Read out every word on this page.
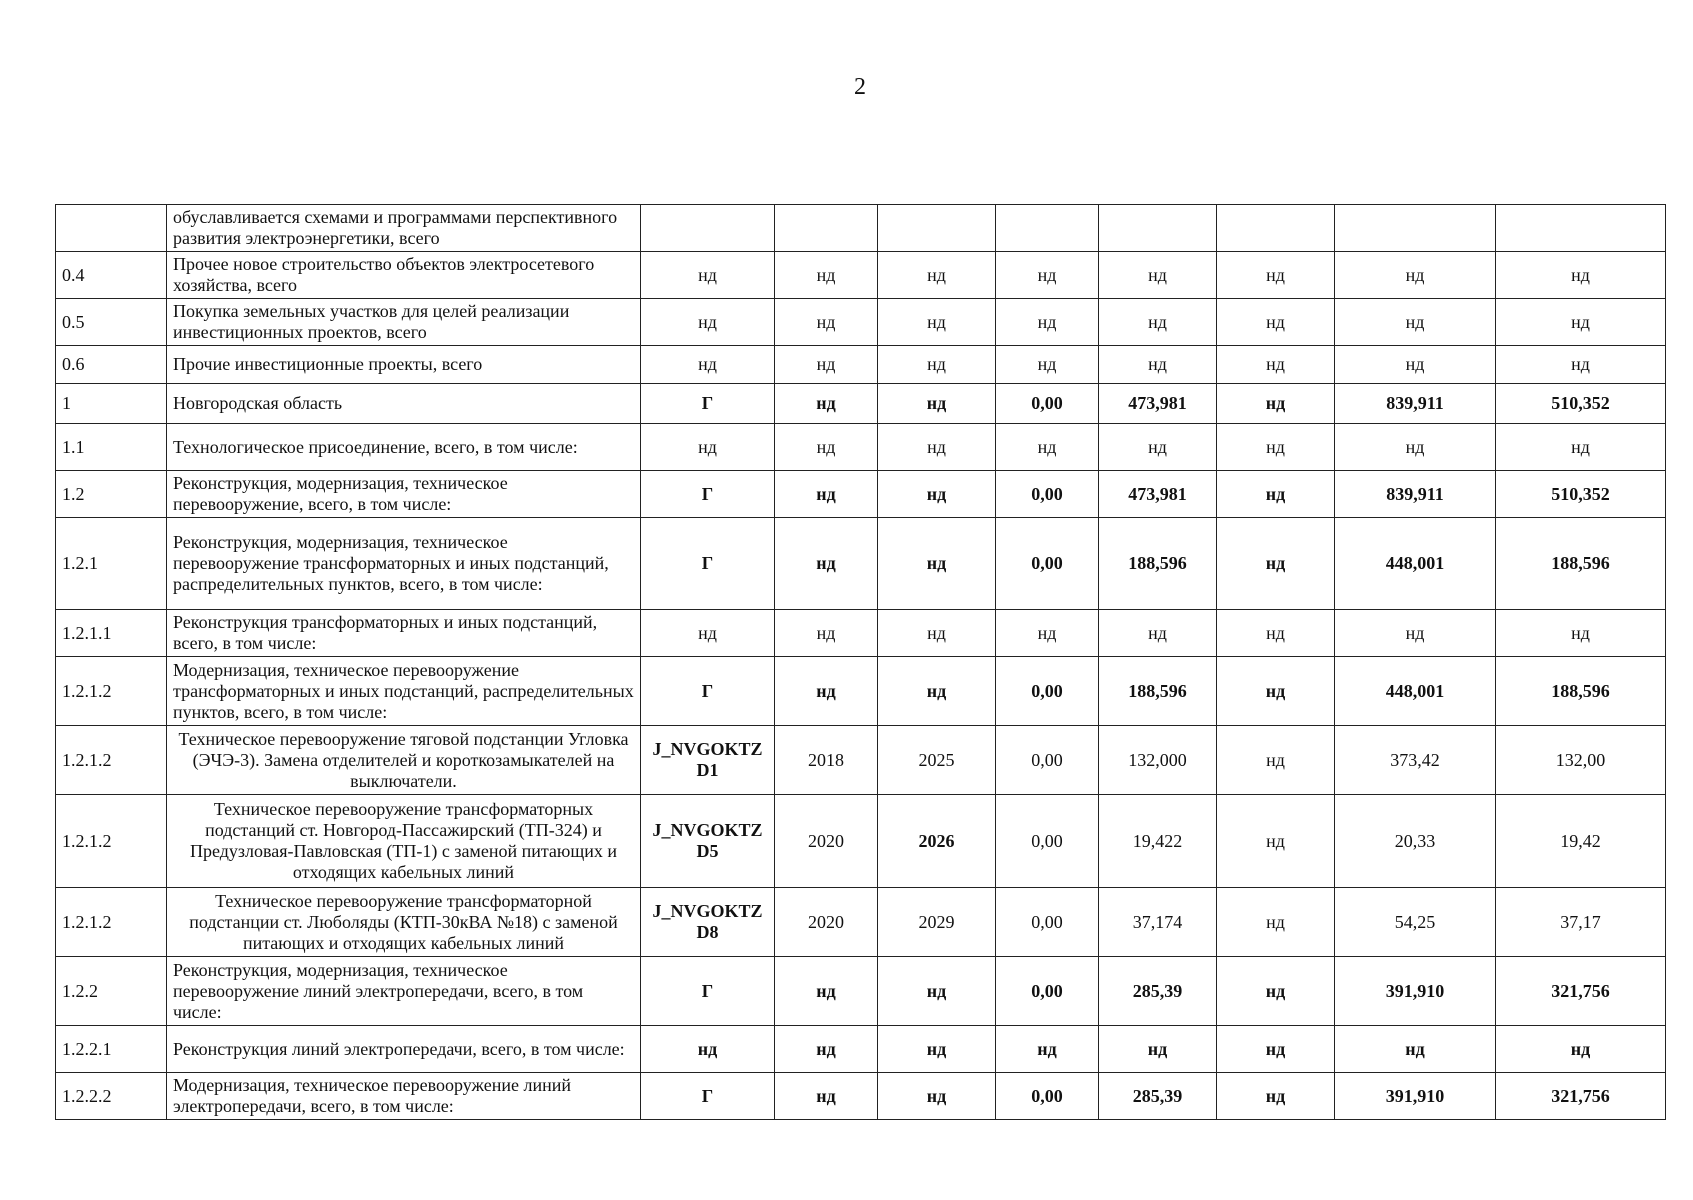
2
	обуславливается схемами и программами перспективного развития электроэнергетики, всего								
0.4	Прочее новое строительство объектов электросетевого хозяйства, всего	нд	нд	нд	нд	нд	нд	нд	нд
0.5	Покупка земельных участков для целей реализации инвестиционных проектов, всего	нд	нд	нд	нд	нд	нд	нд	нд
0.6	Прочие инвестиционные проекты, всего	нд	нд	нд	нд	нд	нд	нд	нд
1	Новгородская область	Г	нд	нд	0,00	473,981	нд	839,911	510,352
1.1	Технологическое присоединение, всего, в том числе:	нд	нд	нд	нд	нд	нд	нд	нд
1.2	Реконструкция, модернизация, техническое перевооружение, всего, в том числе:	Г	нд	нд	0,00	473,981	нд	839,911	510,352
1.2.1	Реконструкция, модернизация, техническое перевооружение трансформаторных и иных подстанций, распределительных пунктов, всего, в том числе:	Г	нд	нд	0,00	188,596	нд	448,001	188,596
1.2.1.1	Реконструкция трансформаторных и иных подстанций, всего, в том числе:	нд	нд	нд	нд	нд	нд	нд	нд
1.2.1.2	Модернизация, техническое перевооружение трансформаторных и иных подстанций, распределительных пунктов, всего, в том числе:	Г	нд	нд	0,00	188,596	нд	448,001	188,596
1.2.1.2	Техническое перевооружение тяговой подстанции Угловка (ЭЧЭ-3). Замена отделителей и короткозамыкателей на выключатели.	J_NVGOKTZD1	2018	2025	0,00	132,000	нд	373,42	132,00
1.2.1.2	Техническое перевооружение трансформаторных подстанций ст. Новгород-Пассажирский (ТП-324) и Предузловая-Павловская (ТП-1) с заменой питающих и отходящих кабельных линий	J_NVGOKTZD5	2020	2026	0,00	19,422	нд	20,33	19,42
1.2.1.2	Техническое перевооружение трансформаторной подстанции ст. Люболяды (КТП-30кВА №18) с заменой питающих и отходящих кабельных линий	J_NVGOKTZD8	2020	2029	0,00	37,174	нд	54,25	37,17
1.2.2	Реконструкция, модернизация, техническое перевооружение линий электропередачи, всего, в том числе:	Г	нд	нд	0,00	285,39	нд	391,910	321,756
1.2.2.1	Реконструкция линий электропередачи, всего, в том числе:	нд	нд	нд	нд	нд	нд	нд	нд
1.2.2.2	Модернизация, техническое перевооружение линий электропередачи, всего, в том числе:	Г	нд	нд	0,00	285,39	нд	391,910	321,756
